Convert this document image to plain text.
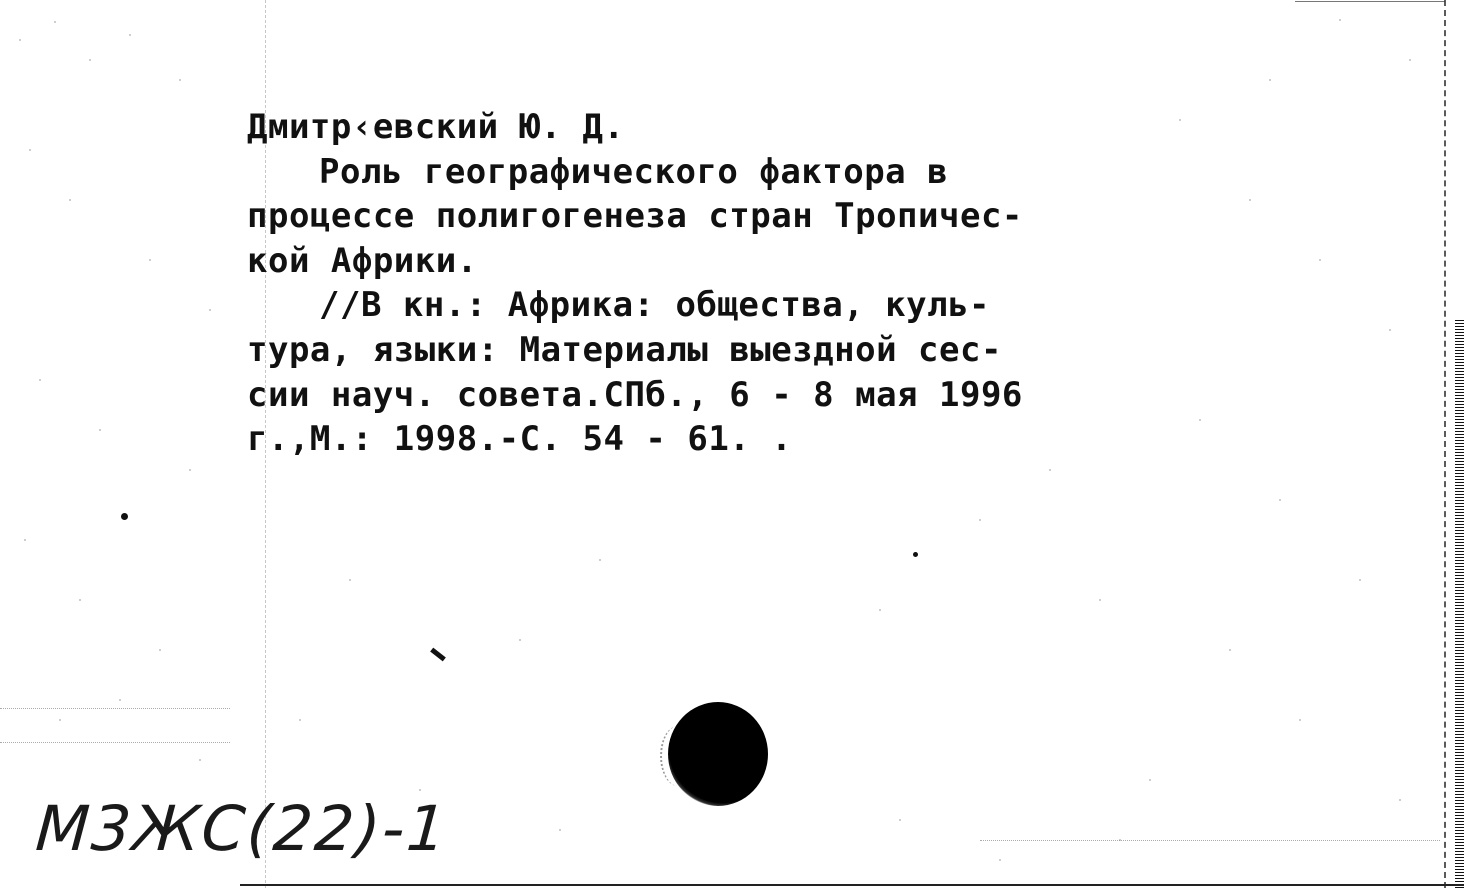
Дмитр‹евский Ю. Д.
Роль географического фактора в
процессе полигогенеза стран Тропичес-
кой Африки.
//В кн.: Африка: общества, куль-
тура, языки: Материалы выездной сес-
сии науч. совета.СПб., 6 - 8 мая 1996
г.,М.: 1998.-С. 54 - 61. .
М3ЖС(22)-1
